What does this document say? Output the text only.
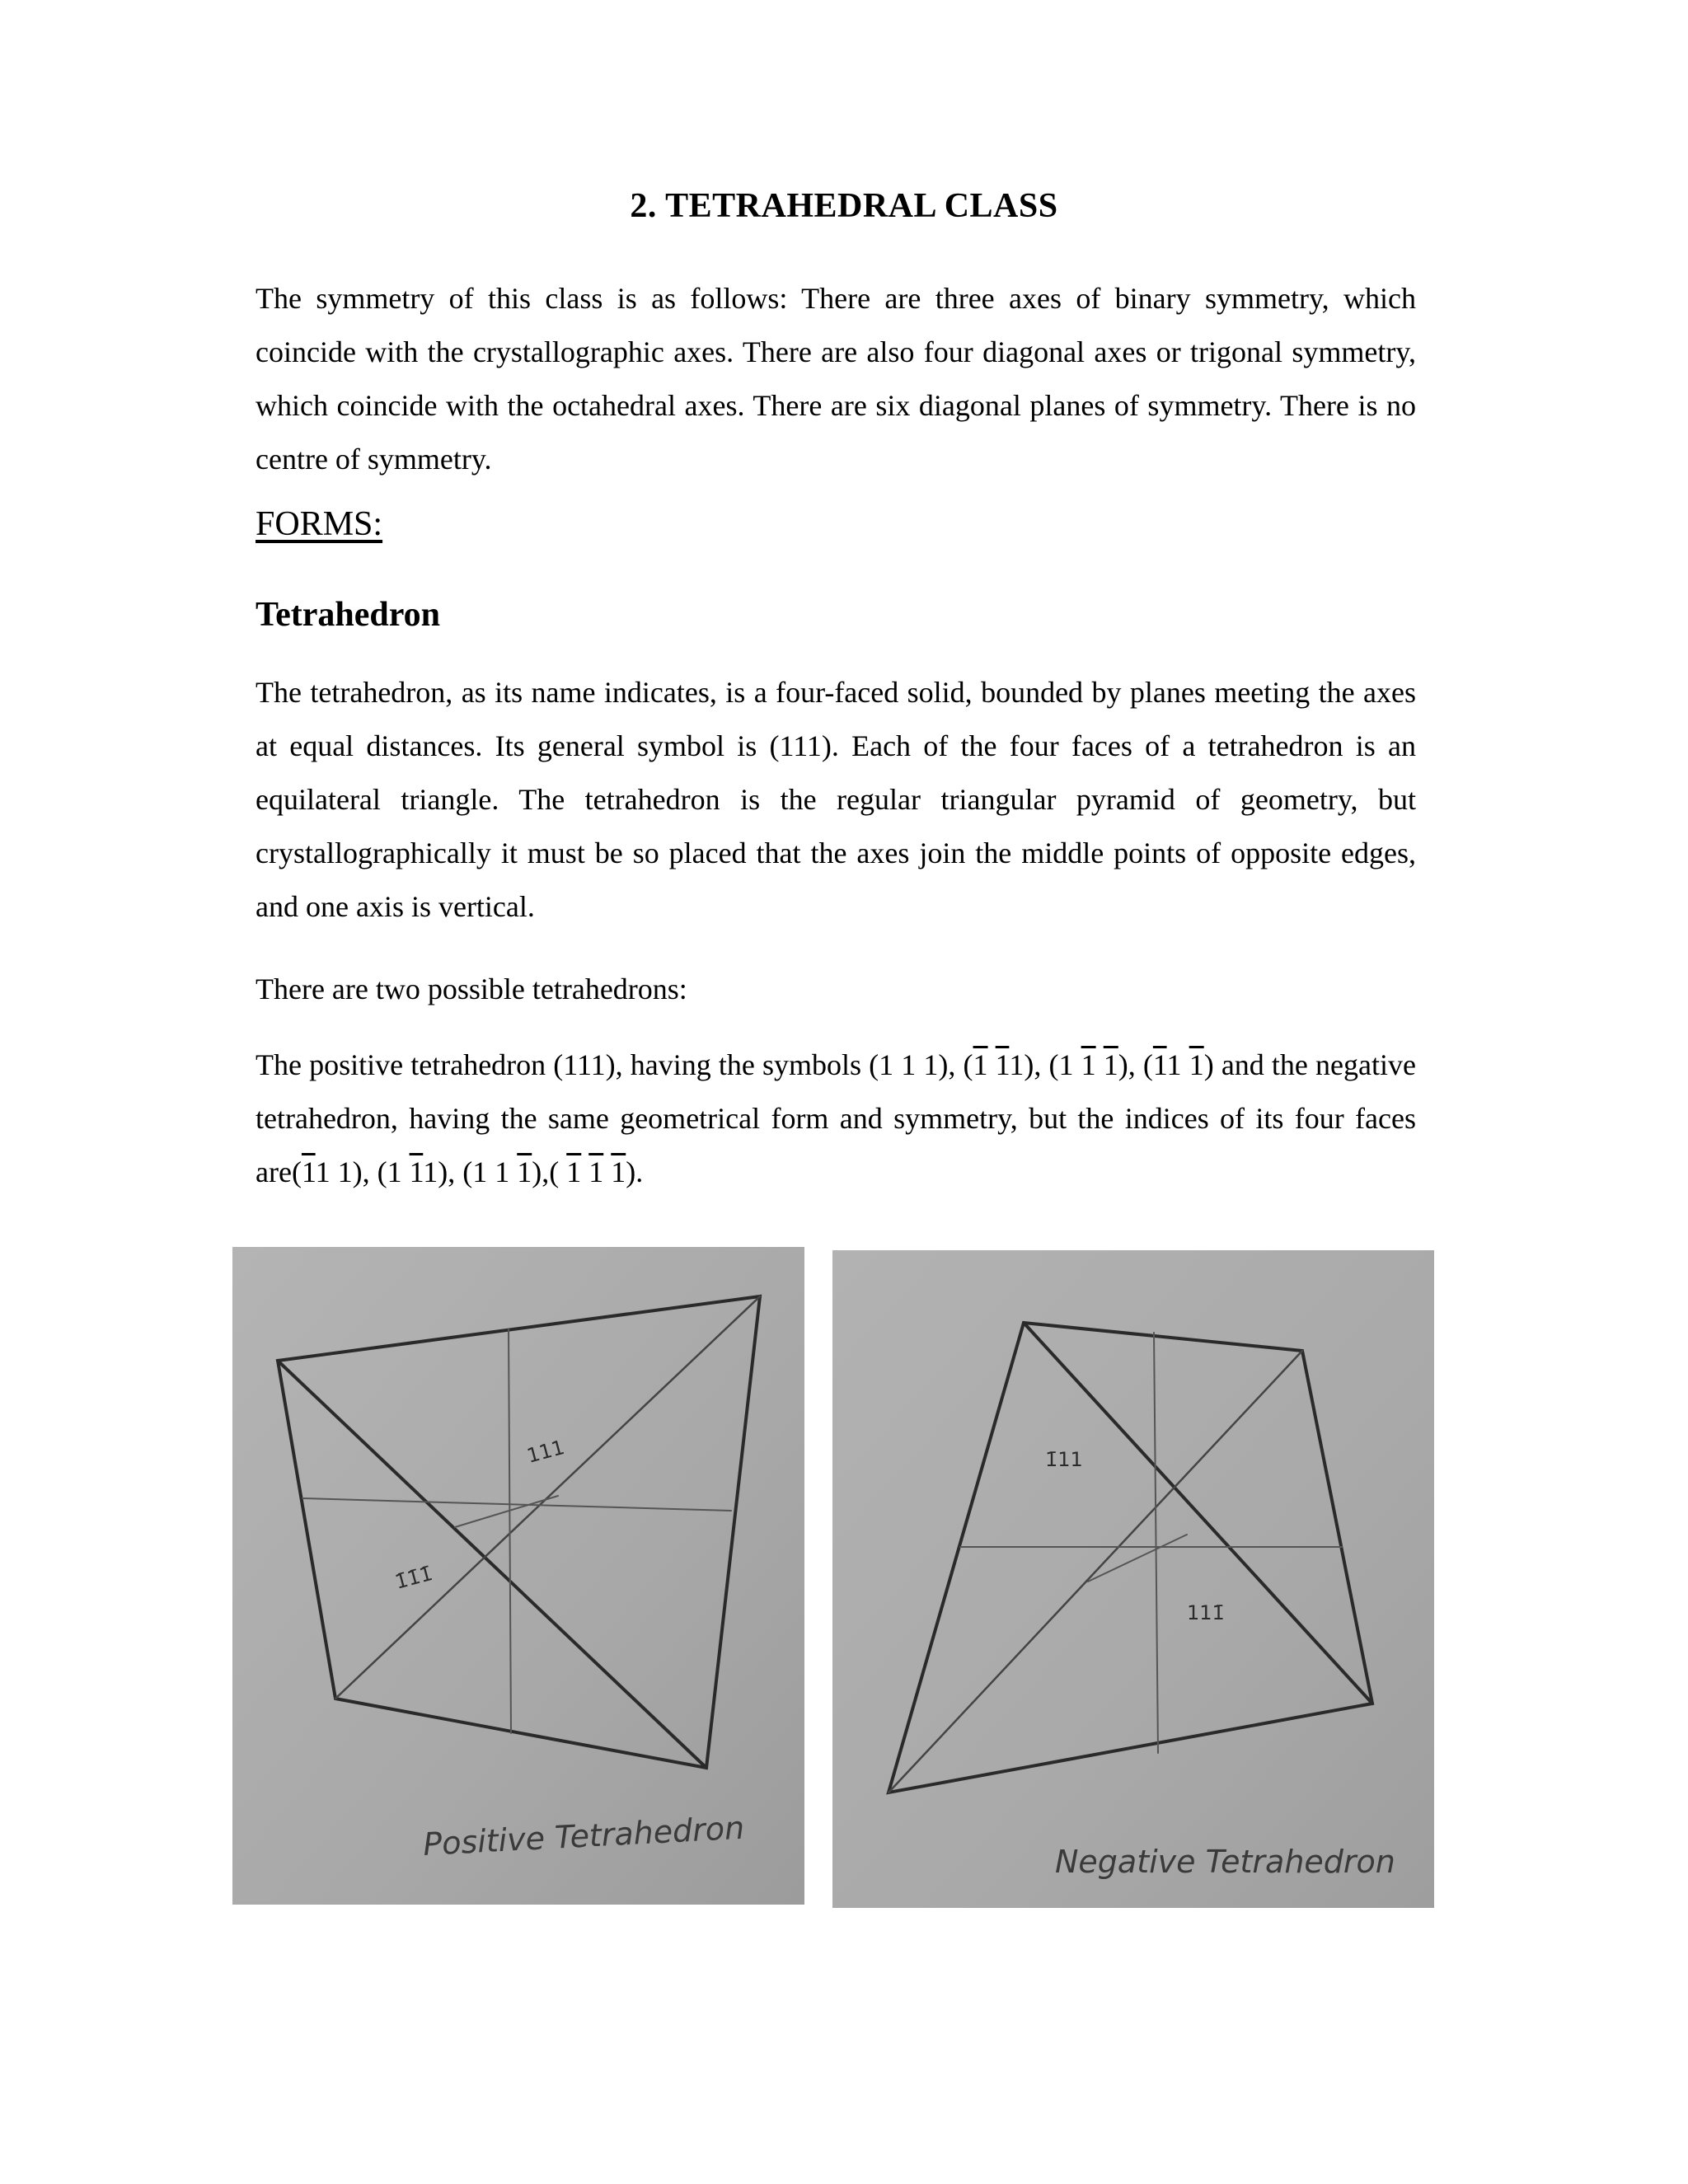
2. TETRAHEDRAL CLASS

The symmetry of this class is as follows: There are three axes of binary symmetry, which coincide with the crystallographic axes. There are also four diagonal axes or trigonal symmetry, which coincide with the octahedral axes. There are six diagonal planes of symmetry. There is no centre of symmetry.

FORMS:
Tetrahedron

The tetrahedron, as its name indicates, is a four-faced solid, bounded by planes meeting the axes at equal distances. Its general symbol is (111). Each of the four faces of a tetrahedron is an equilateral triangle. The tetrahedron is the regular triangular pyramid of geometry, but crystallographically it must be so placed that the axes join the middle points of opposite edges, and one axis is vertical.

There are two possible tetrahedrons:

The positive tetrahedron (111), having the symbols (1 1 1), (1 11), (1 1 1), (11 1) and the negative tetrahedron, having the same geometrical form and symmetry, but the indices of its four faces are(11 1), (1 11), (1 1 1),( 1 1 1).

111
1̄1̄1̄
Positive Tetrahedron
1̄11
111̄
Negative Tetrahedron
